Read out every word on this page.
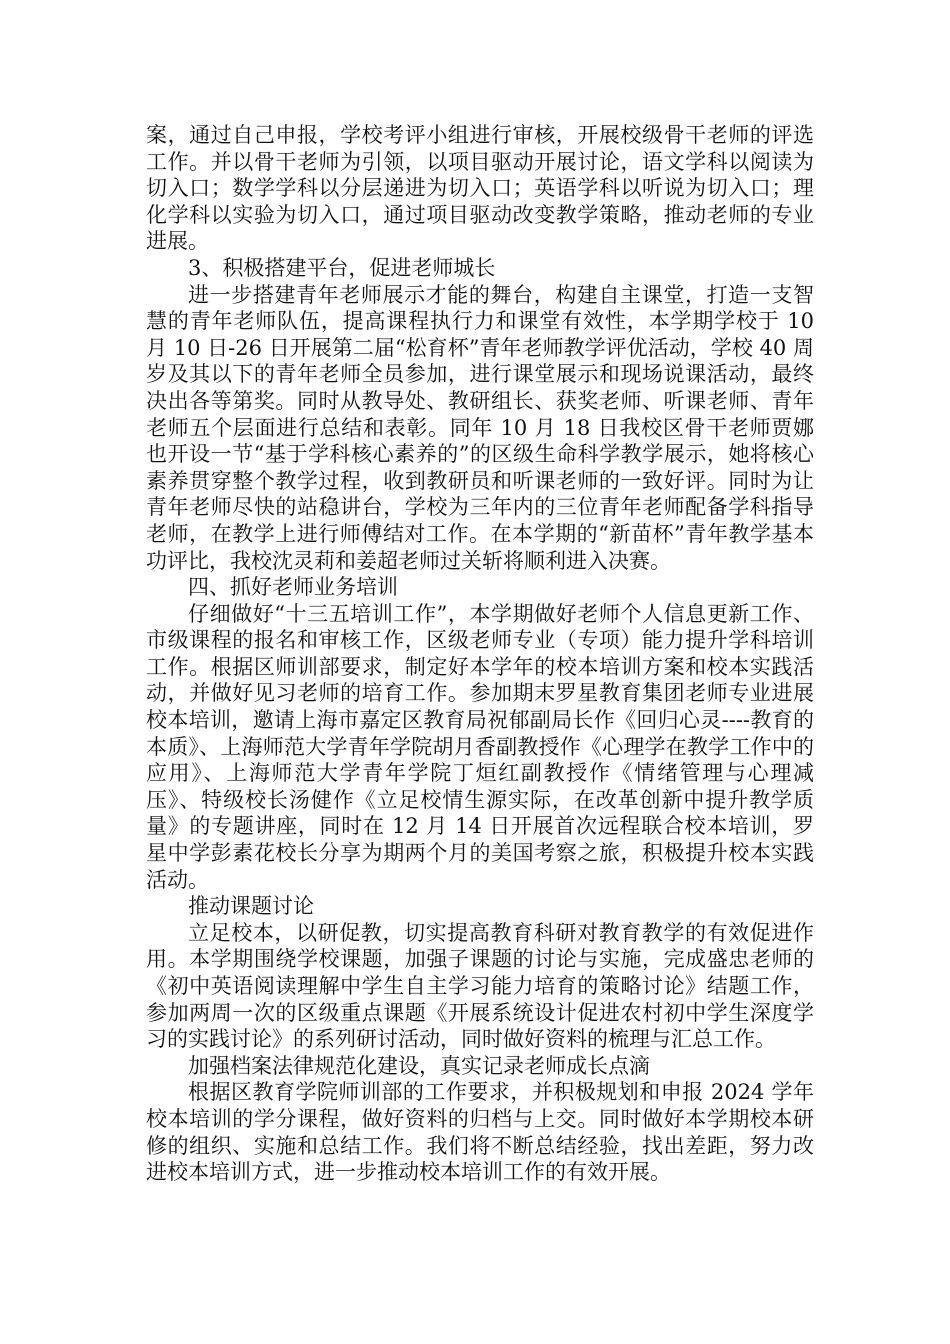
案，通过自己申报，学校考评小组进行审核，开展校级骨干老师的评选工作。并以骨干老师为引领，以项目驱动开展讨论，语文学科以阅读为切入口；数学学科以分层递进为切入口；英语学科以听说为切入口；理化学科以实验为切入口，通过项目驱动改变教学策略，推动老师的专业进展。

3、积极搭建平台，促进老师城长

进一步搭建青年老师展示才能的舞台，构建自主课堂，打造一支智慧的青年老师队伍，提高课程执行力和课堂有效性，本学期学校于 10 月 10 日-26 日开展第二届“松育杯”青年老师教学评优活动，学校 40 周岁及其以下的青年老师全员参加，进行课堂展示和现场说课活动，最终决出各等第奖。同时从教导处、教研组长、获奖老师、听课老师、青年老师五个层面进行总结和表彰。同年 10 月 18 日我校区骨干老师贾娜也开设一节“基于学科核心素养的”的区级生命科学教学展示，她将核心素养贯穿整个教学过程，收到教研员和听课老师的一致好评。同时为让青年老师尽快的站稳讲台，学校为三年内的三位青年老师配备学科指导老师，在教学上进行师傅结对工作。在本学期的“新苗杯”青年教学基本功评比，我校沈灵莉和姜超老师过关斩将顺利进入决赛。

四、抓好老师业务培训

仔细做好“十三五培训工作”，本学期做好老师个人信息更新工作、市级课程的报名和审核工作，区级老师专业（专项）能力提升学科培训工作。根据区师训部要求，制定好本学年的校本培训方案和校本实践活动，并做好见习老师的培育工作。参加期末罗星教育集团老师专业进展校本培训，邀请上海市嘉定区教育局祝郁副局长作《回归心灵----教育的本质》、上海师范大学青年学院胡月香副教授作《心理学在教学工作中的应用》、上海师范大学青年学院丁烜红副教授作《情绪管理与心理减压》、特级校长汤健作《立足校情生源实际，在改革创新中提升教学质量》的专题讲座，同时在 12 月 14 日开展首次远程联合校本培训，罗星中学彭素花校长分享为期两个月的美国考察之旅，积极提升校本实践活动。

推动课题讨论

立足校本，以研促教，切实提高教育科研对教育教学的有效促进作用。本学期围绕学校课题，加强子课题的讨论与实施，完成盛忠老师的《初中英语阅读理解中学生自主学习能力培育的策略讨论》结题工作，参加两周一次的区级重点课题《开展系统设计促进农村初中学生深度学习的实践讨论》的系列研讨活动，同时做好资料的梳理与汇总工作。

加强档案法律规范化建设，真实记录老师成长点滴

根据区教育学院师训部的工作要求，并积极规划和申报 2024 学年校本培训的学分课程，做好资料的归档与上交。同时做好本学期校本研修的组织、实施和总结工作。我们将不断总结经验，找出差距，努力改进校本培训方式，进一步推动校本培训工作的有效开展。
